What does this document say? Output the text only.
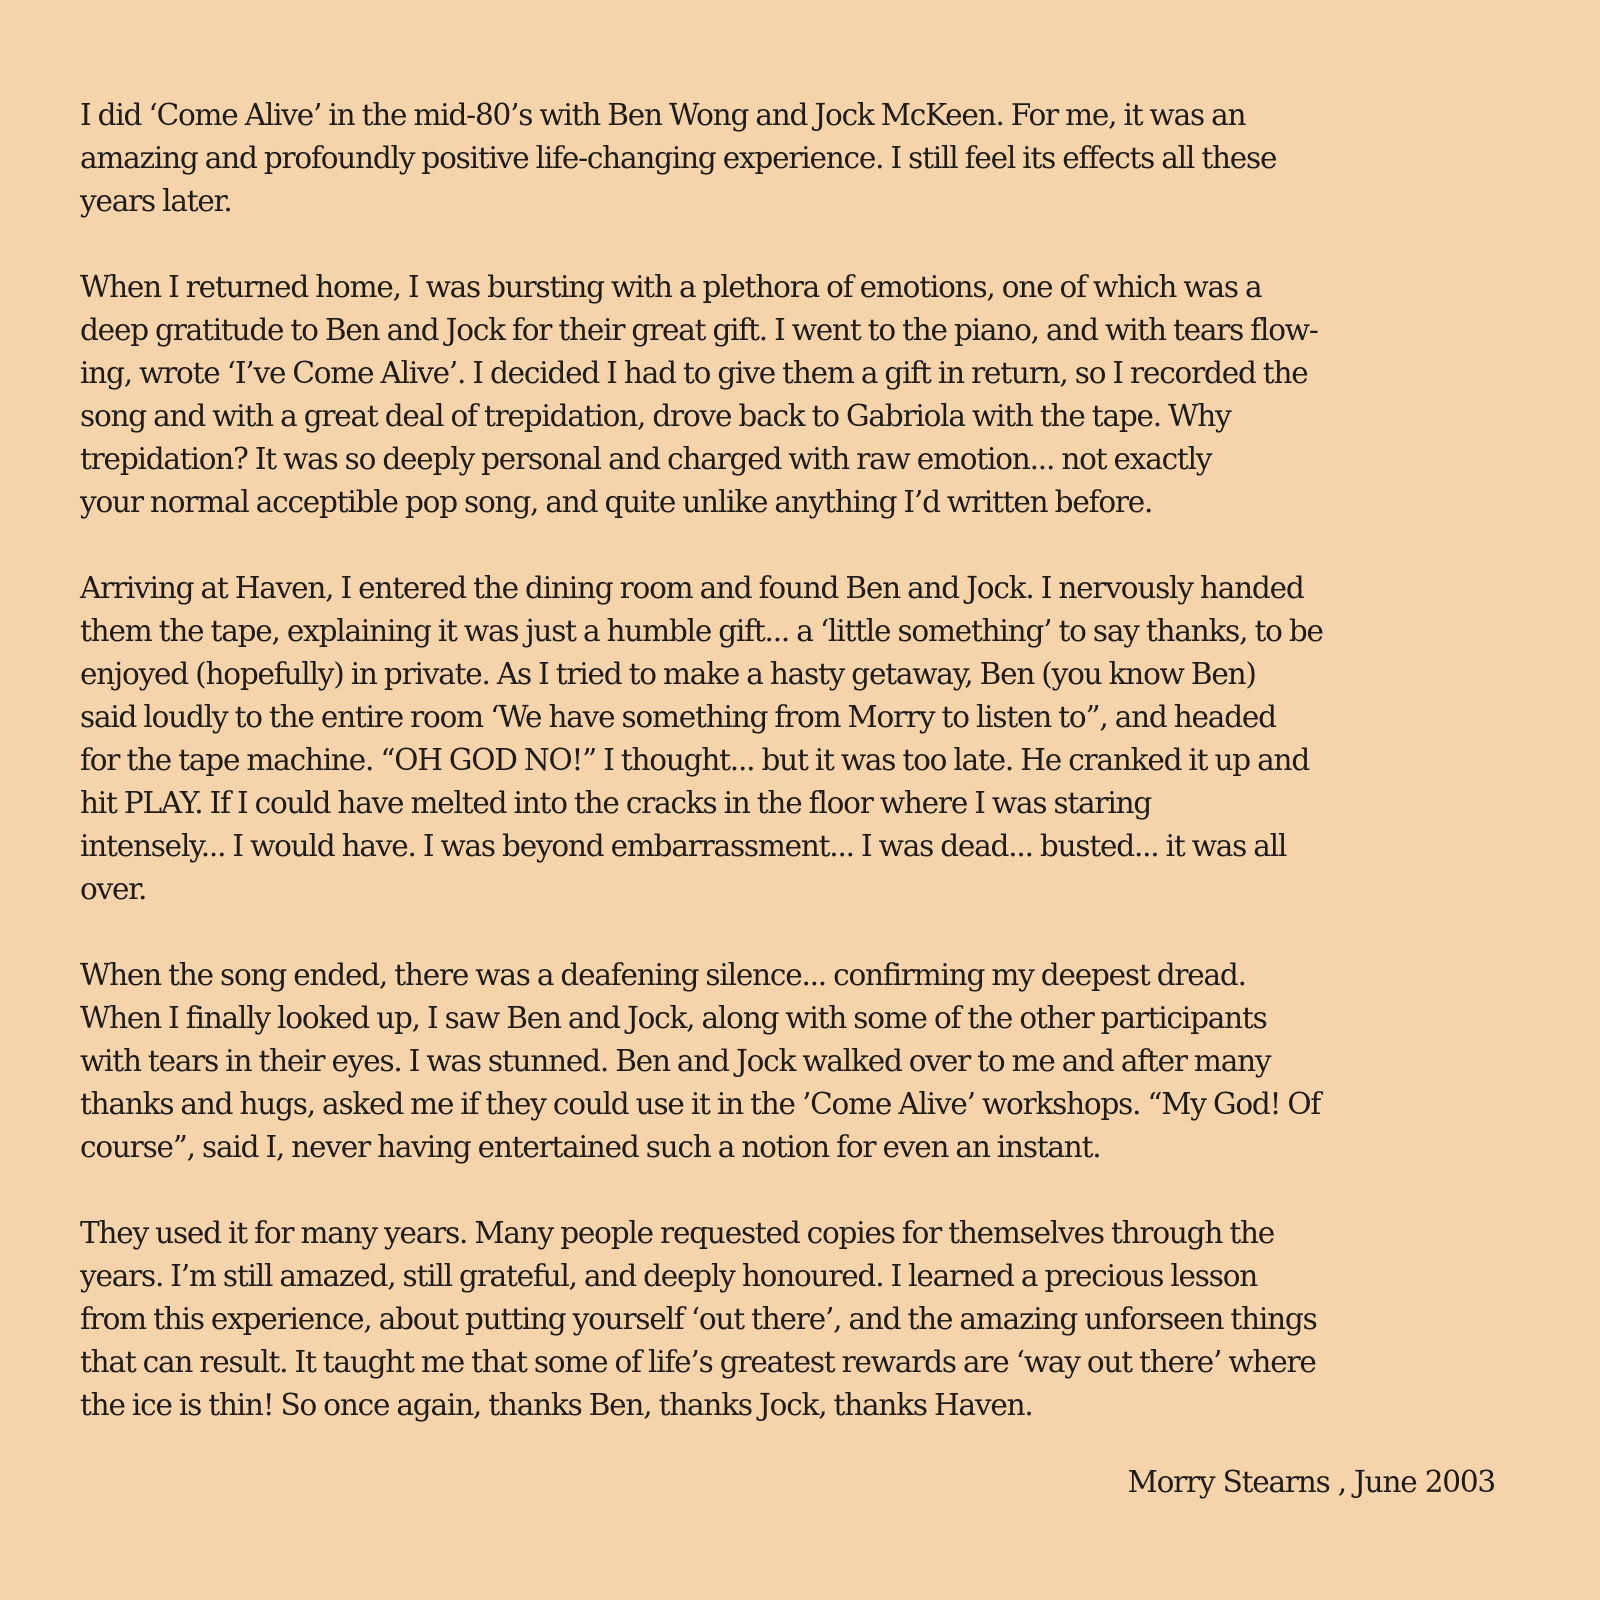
I did ‘Come Alive’ in the mid-80’s with Ben Wong and Jock McKeen. For me, it was an
amazing and profoundly positive life-changing experience. I still feel its effects all these
years later.
When I returned home, I was bursting with a plethora of emotions, one of which was a
deep gratitude to Ben and Jock for their great gift. I went to the piano, and with tears flow-
ing, wrote ‘I’ve Come Alive’. I decided I had to give them a gift in return, so I recorded the
song and with a great deal of trepidation, drove back to Gabriola with the tape. Why
trepidation? It was so deeply personal and charged with raw emotion... not exactly
your normal acceptible pop song, and quite unlike anything I’d written before.
Arriving at Haven, I entered the dining room and found Ben and Jock. I nervously handed
them the tape, explaining it was just a humble gift... a ‘little something’ to say thanks, to be
enjoyed (hopefully) in private. As I tried to make a hasty getaway, Ben (you know Ben)
said loudly to the entire room ‘We have something from Morry to listen to”, and headed
for the tape machine. “OH GOD NO!” I thought... but it was too late. He cranked it up and
hit PLAY. If I could have melted into the cracks in the floor where I was staring
intensely... I would have. I was beyond embarrassment... I was dead... busted... it was all
over.
When the song ended, there was a deafening silence... confirming my deepest dread.
When I finally looked up, I saw Ben and Jock, along with some of the other participants
with tears in their eyes. I was stunned. Ben and Jock walked over to me and after many
thanks and hugs, asked me if they could use it in the ’Come Alive’ workshops. “My God! Of
course”, said I, never having entertained such a notion for even an instant.
They used it for many years. Many people requested copies for themselves through the
years. I’m still amazed, still grateful, and deeply honoured. I learned a precious lesson
from this experience, about putting yourself ‘out there’, and the amazing unforseen things
that can result. It taught me that some of life’s greatest rewards are ‘way out there’ where
the ice is thin! So once again, thanks Ben, thanks Jock, thanks Haven.
Morry Stearns , June 2003
